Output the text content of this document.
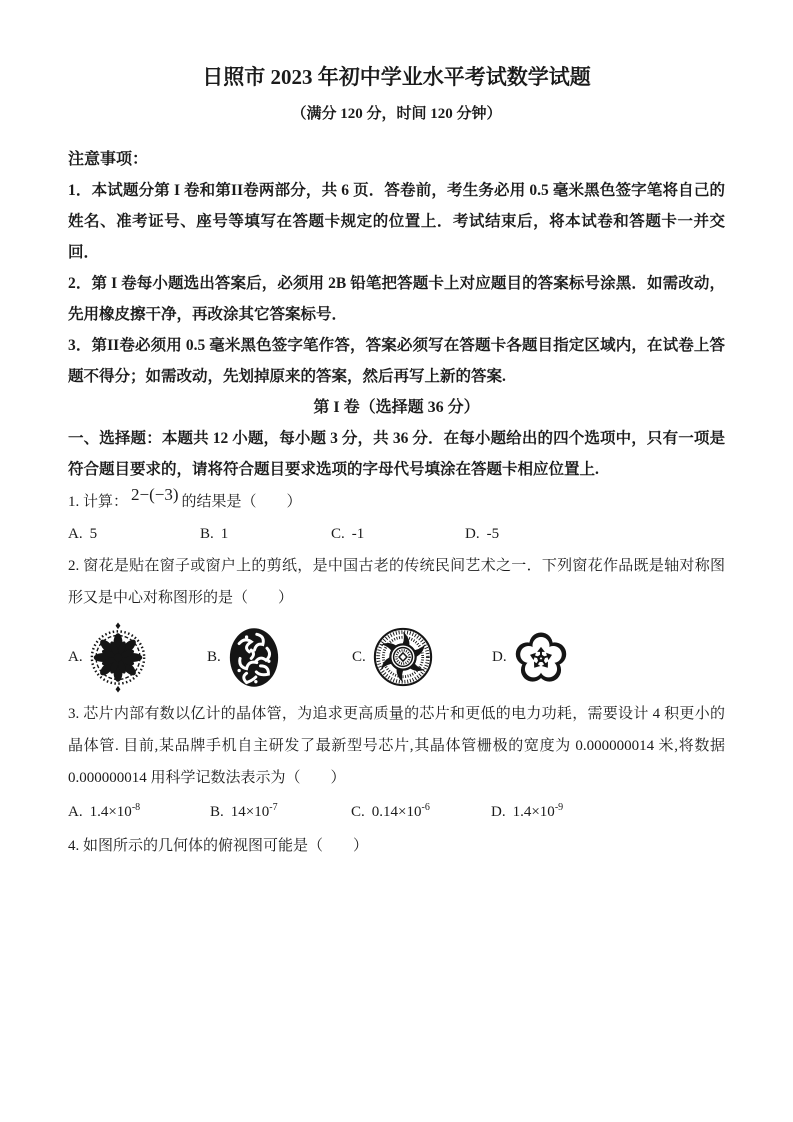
日照市 2023 年初中学业水平考试数学试题
（满分 120 分，时间 120 分钟）
注意事项：

1．本试题分第 I 卷和第II卷两部分，共 6 页．答卷前，考生务必用 0.5 毫米黑色签字笔将自己的姓名、准考证号、座号等填写在答题卡规定的位置上．考试结束后，将本试卷和答题卡一并交回．

2．第 I 卷每小题选出答案后，必须用 2B 铅笔把答题卡上对应题目的答案标号涂黑．如需改动，先用橡皮擦干净，再改涂其它答案标号．

3．第II卷必须用 0.5 毫米黑色签字笔作答，答案必须写在答题卡各题目指定区域内，在试卷上答题不得分；如需改动，先划掉原来的答案，然后再写上新的答案.

第 I 卷（选择题 36 分）

一、选择题：本题共 12 小题，每小题 3 分，共 36 分．在每小题给出的四个选项中，只有一项是符合题目要求的，请将符合题目要求选项的字母代号填涂在答题卡相应位置上.

1. 计算： 2−(−3) 的结果是（　　）

A. 5	B. 1	C. -1	D. -5

2. 窗花是贴在窗子或窗户上的剪纸，是中国古老的传统民间艺术之一．下列窗花作品既是轴对称图形又是中心对称图形的是（　　）

A.	B.	C.	D.

3. 芯片内部有数以亿计的晶体管，为追求更高质量的芯片和更低的电力功耗，需要设计 4 积更小的晶体管. 目前,某品牌手机自主研发了最新型号芯片,其晶体管栅极的宽度为 0.000000014 米,将数据 0.000000014 用科学记数法表示为（　　）

A. $1.4\times 10^{-8}$	B. $14\times 10^{-7}$	C. $0.14\times 10^{-6}$	D. $1.4\times 10^{-9}$

4. 如图所示的几何体的俯视图可能是（　　）
